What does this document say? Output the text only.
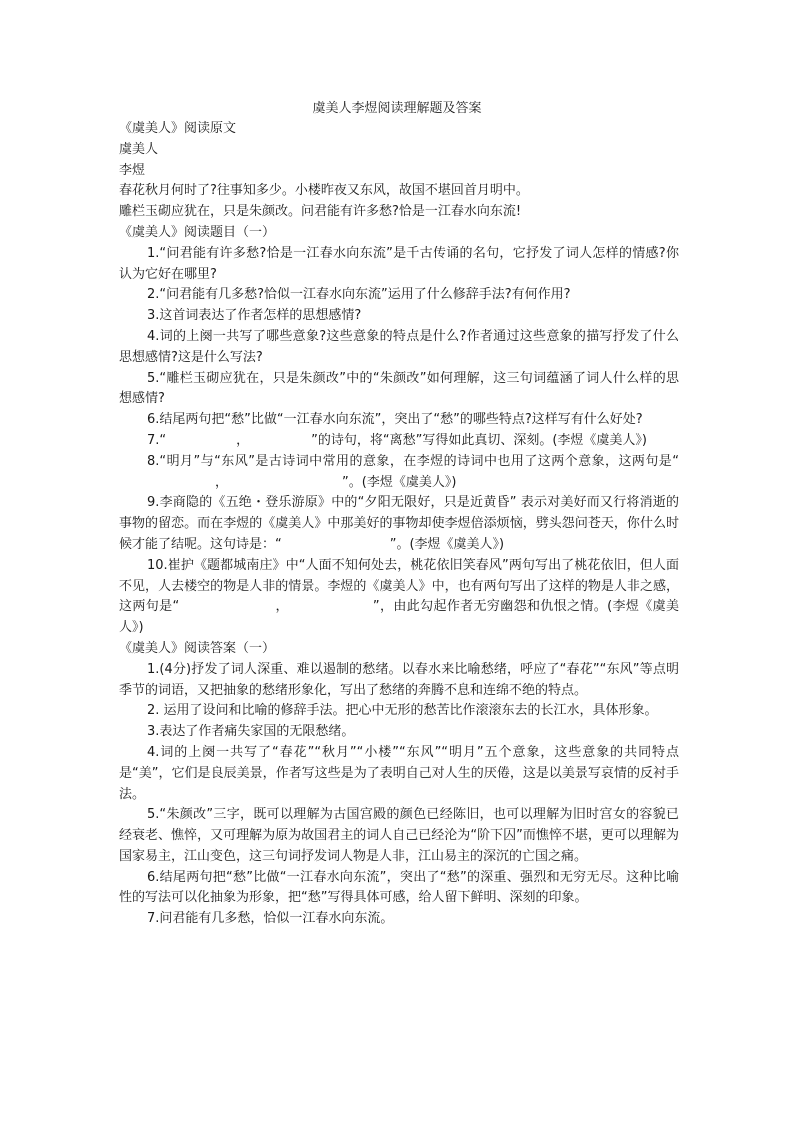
虞美人李煜阅读理解题及答案

《虞美人》阅读原文

虞美人

李煜

春花秋月何时了?往事知多少。小楼昨夜又东风，故国不堪回首月明中。

雕栏玉砌应犹在，只是朱颜改。问君能有许多愁?恰是一江春水向东流!

《虞美人》阅读题目（一）

1.“问君能有许多愁?恰是一江春水向东流”是千古传诵的名句，它抒发了词人怎样的情感?你认为它好在哪里?

2.“问君能有几多愁?恰似一江春水向东流”运用了什么修辞手法?有何作用?

3.这首词表达了作者怎样的思想感情?

4.词的上阕一共写了哪些意象?这些意象的特点是什么?作者通过这些意象的描写抒发了什么思想感情?这是什么写法?

5.“雕栏玉砌应犹在，只是朱颜改”中的“朱颜改”如何理解，这三句词蕴涵了词人什么样的思想感情?

6.结尾两句把“愁”比做“一江春水向东流”，突出了“愁”的哪些特点?这样写有什么好处?

7.“	，	”的诗句，将“离愁”写得如此真切、深刻。(李煜《虞美人》)

8.“明月”与“东风”是古诗词中常用的意象，在李煜的诗词中也用了这两个意象，这两句是“，	”。(李煜《虞美人》)

9.李商隐的《五绝・登乐游原》中的“夕阳无限好，只是近黄昏” 表示对美好而又行将消逝的事物的留恋。而在李煜的《虞美人》中那美好的事物却使李煜倍添烦恼，劈头怨问苍天，你什么时候才能了结呢。这句诗是：“	”。(李煜《虞美人》)

10.崔护《题都城南庄》中“人面不知何处去，桃花依旧笑春风”两句写出了桃花依旧，但人面不见，人去楼空的物是人非的情景。李煜的《虞美人》中，也有两句写出了这样的物是人非之感，这两句是“	，	”，由此勾起作者无穷幽怨和仇恨之情。(李煜《虞美人》)

《虞美人》阅读答案（一）

1.(4分)抒发了词人深重、难以遏制的愁绪。以春水来比喻愁绪，呼应了“春花”“东风”等点明季节的词语，又把抽象的愁绪形象化，写出了愁绪的奔腾不息和连绵不绝的特点。

2. 运用了设问和比喻的修辞手法。把心中无形的愁苦比作滚滚东去的长江水，具体形象。

3.表达了作者痛失家国的无限愁绪。

4.词的上阕一共写了“春花”“秋月”“小楼”“东风”“明月”五个意象，这些意象的共同特点是“美”，它们是良辰美景，作者写这些是为了表明自己对人生的厌倦，这是以美景写哀情的反衬手法。

5.“朱颜改”三字，既可以理解为古国宫殿的颜色已经陈旧，也可以理解为旧时宫女的容貌已经衰老、憔悴，又可理解为原为故国君主的词人自己已经沦为“阶下囚”而憔悴不堪，更可以理解为国家易主，江山变色，这三句词抒发词人物是人非，江山易主的深沉的亡国之痛。

6.结尾两句把“愁”比做“一江春水向东流”，突出了“愁”的深重、强烈和无穷无尽。这种比喻性的写法可以化抽象为形象，把“愁”写得具体可感，给人留下鲜明、深刻的印象。

7.问君能有几多愁，恰似一江春水向东流。
